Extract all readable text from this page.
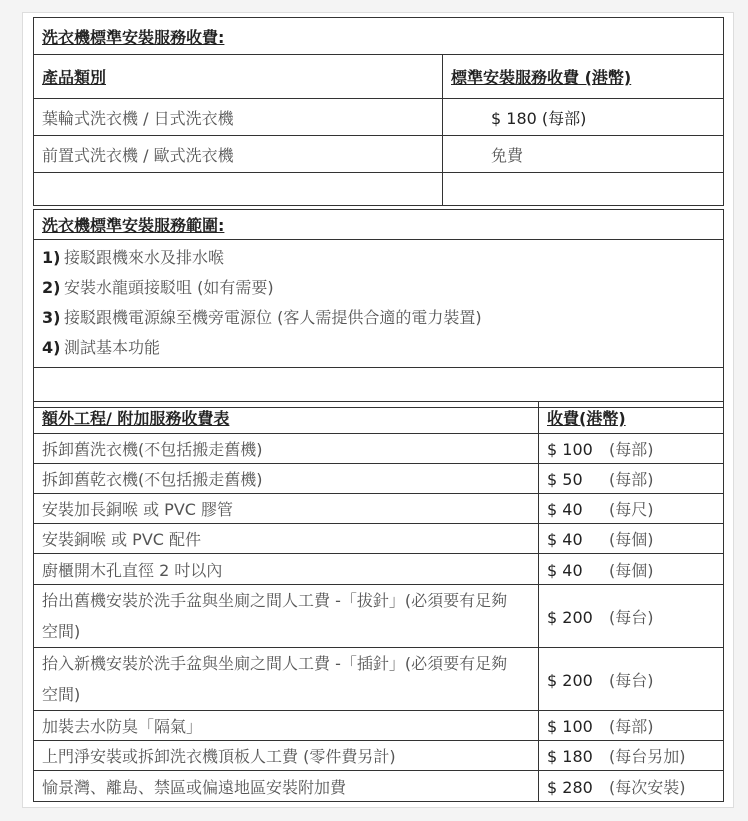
洗衣機標準安裝服務收費:	
產品類別	標準安裝服務收費 (港幣)
葉輪式洗衣機 / 日式洗衣機	$ 180 (每部)
前置式洗衣機 / 歐式洗衣機	免費

洗衣機標準安裝服務範圍:

1) 接駁跟機來水及排水喉
2) 安裝水龍頭接駁咀 (如有需要)
3) 接駁跟機電源線至機旁電源位 (客人需提供合適的電力裝置)
4) 測試基本功能

額外工程/ 附加服務收費表	收費(港幣)
拆卸舊洗衣機(不包括搬走舊機)	$ 100 (每部)
拆卸舊乾衣機(不包括搬走舊機)	$ 50 (每部)
安裝加長銅喉 或 PVC 膠管	$ 40 (每尺)
安裝銅喉 或 PVC 配件	$ 40 (每個)
廚櫃開木孔直徑 2 吋以內	$ 40 (每個)
抬出舊機安裝於洗手盆與坐廁之間人工費 -「拔針」(必須要有足夠空間)	$ 200 (每台)
抬入新機安裝於洗手盆與坐廁之間人工費 -「插針」(必須要有足夠空間)	$ 200 (每台)
加裝去水防臭「隔氣」	$ 100 (每部)
上門淨安裝或拆卸洗衣機頂板人工費 (零件費另計)	$ 180 (每台另加)
愉景灣、離島、禁區或偏遠地區安裝附加費	$ 280 (每次安裝)
